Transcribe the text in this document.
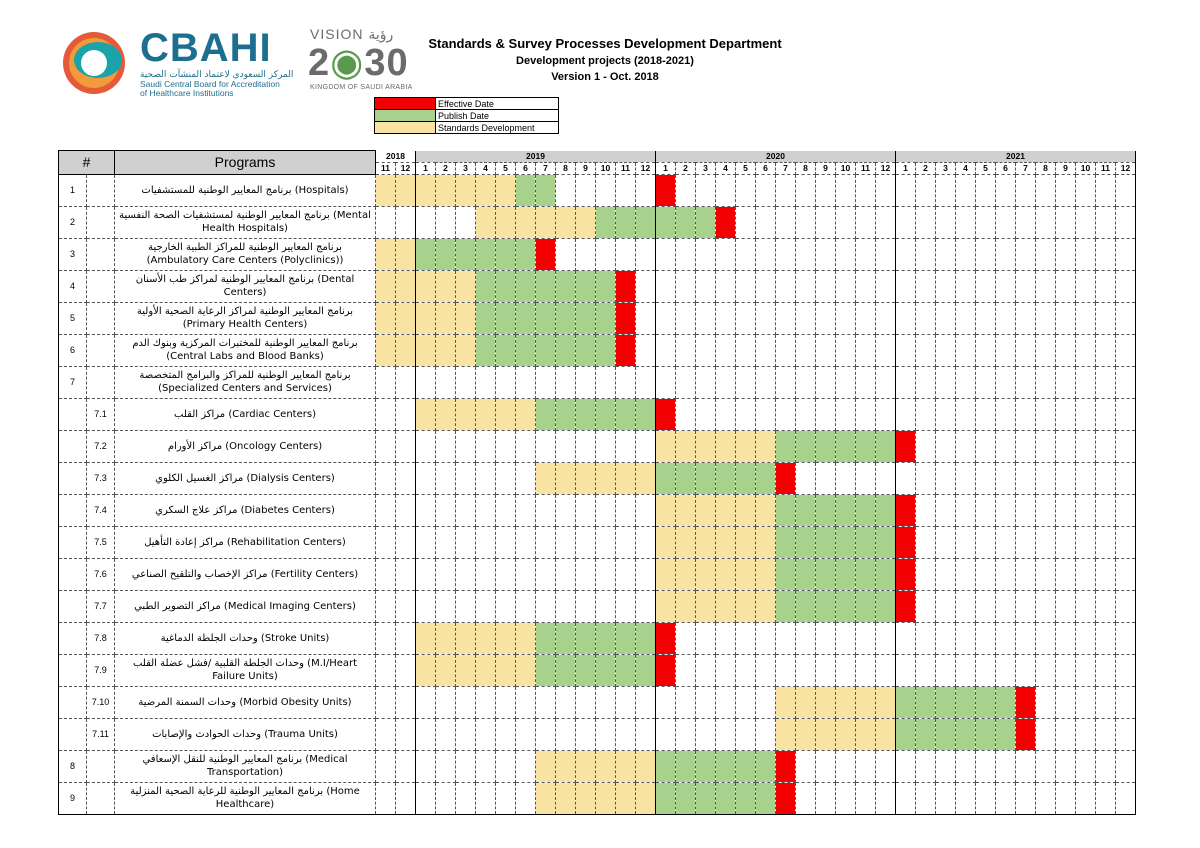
CBAHI
المركز السعودي لاعتماد المنشآت الصحية
Saudi Central Board for Accreditation
of Healthcare Institutions
VISION رؤية
2◉30
KINGDOM OF SAUDI ARABIA
Standards & Survey Processes Development Department
Development projects (2018-2021)
Version 1 - Oct. 2018
	Effective Date
	Publish Date
	Standards Development
#		Programs	2018		2019												2020												2021											
			11	12	1	2	3	4	5	6	7	8	9	10	11	12	1	2	3	4	5	6	7	8	9	10	11	12	1	2	3	4	5	6	7	8	9	10	11	12
1		برنامج المعايير الوطنية للمستشفيات (Hospitals)																																						

2		برنامج المعايير الوطنية لمستشفيات الصحة النفسية (Mental
Health Hospitals)																																						

3		برنامج المعايير الوطنية للمراكز الطبية الخارجية
(Ambulatory Care Centers (Polyclinics))																																						

4		برنامج المعايير الوطنية لمراكز طب الأسنان (Dental
Centers)																																						

5		برنامج المعايير الوطنية لمراكز الرعاية الصحية الأولية
(Primary Health Centers)																																						

6		برنامج المعايير الوطنية للمختبرات المركزية وبنوك الدم
(Central Labs and Blood Banks)																																						

7		برنامج المعايير الوطنية للمراكز والبرامج المتخصصة
(Specialized Centers and Services)																																						

	7.1	مراكز القلب (Cardiac Centers)																																						

	7.2	مراكز الأورام (Oncology Centers)																																						

	7.3	مراكز الغسيل الكلوي (Dialysis Centers)																																						

	7.4	مراكز علاج السكري (Diabetes Centers)																																						

	7.5	مراكز إعادة التأهيل (Rehabilitation Centers)																																						

	7.6	مراكز الإخصاب والتلقيح الصناعي (Fertility Centers)																																						

	7.7	مراكز التصوير الطبي (Medical Imaging Centers)																																						

	7.8	وحدات الجلطة الدماغية (Stroke Units)																																						

	7.9	وحدات الجلطة القلبية /فشل عضلة القلب (M.I/Heart
Failure Units)																																						

	7.10	وحدات السمنة المرضية (Morbid Obesity Units)																																						

	7.11	وحدات الحوادث والإصابات (Trauma Units)																																						

8		برنامج المعايير الوطنية للنقل الإسعافي (Medical
Transportation)																																						

9		برنامج المعايير الوطنية للرعاية الصحية المنزلية (Home
Healthcare)																																						
